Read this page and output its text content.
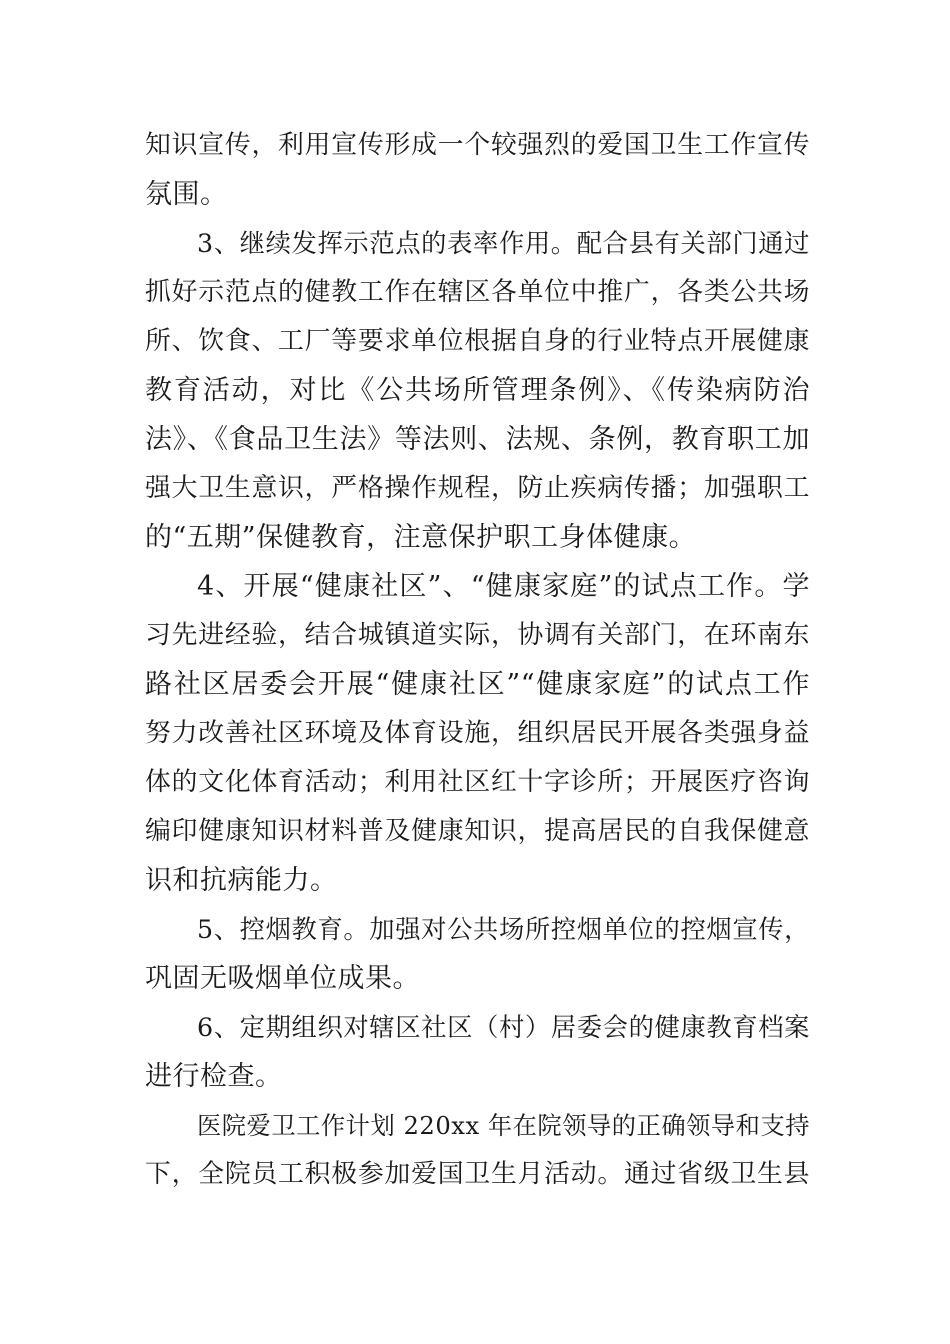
知识宣传，利用宣传形成一个较强烈的爱国卫生工作宣传
氛围。
3、继续发挥示范点的表率作用。配合县有关部门通过
抓好示范点的健教工作在辖区各单位中推广，各类公共场
所、饮食、工厂等要求单位根据自身的行业特点开展健康
教育活动，对比《公共场所管理条例》、《传染病防治
法》、《食品卫生法》等法则、法规、条例，教育职工加
强大卫生意识，严格操作规程，防止疾病传播；加强职工
的“五期”保健教育，注意保护职工身体健康。
4、开展“健康社区”、“健康家庭”的试点工作。学
习先进经验，结合城镇道实际，协调有关部门，在环南东
路社区居委会开展“健康社区”“健康家庭”的试点工作
努力改善社区环境及体育设施，组织居民开展各类强身益
体的文化体育活动；利用社区红十字诊所；开展医疗咨询
编印健康知识材料普及健康知识，提高居民的自我保健意
识和抗病能力。
5、控烟教育。加强对公共场所控烟单位的控烟宣传，
巩固无吸烟单位成果。
6、定期组织对辖区社区（村）居委会的健康教育档案
进行检查。
医院爱卫工作计划 220xx 年在院领导的正确领导和支持
下，全院员工积极参加爱国卫生月活动。通过省级卫生县
